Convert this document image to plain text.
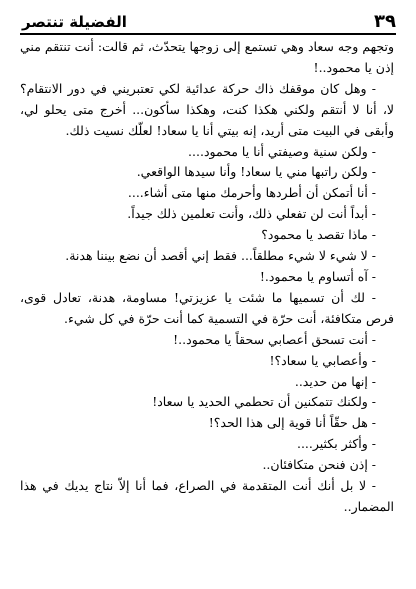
٣٩
الفضيلة تنتصر

وتجهم وجه سعاد وهي تستمع إلى زوجها يتحدّث، ثم قالت: أنت تنتقم مني إذن يا محمود..!

- وهل كان موقفك ذاك حركة عدائية لكي تعتبريني في دور الانتقام؟ لا، أنا لا أنتقم ولكني هكذا كنت، وهكذا سأكون... أخرج متى يحلو لي، وأبقى في البيت متى أريد، إنه بيتي أنا يا سعاد! لعلّك نسيت ذلك.

- ولكن سنية وصيفتي أنا يا محمود....

- ولكن راتبها مني يا سعاد! وأنا سيدها الواقعي.

- أنا أتمكن أن أطردها وأحرمك منها متى أشاء....

- أبداً أنت لن تفعلي ذلك، وأنت تعلمين ذلك جيداً.

- ماذا تقصد يا محمود؟

- لا شيء لا شيء مطلقاً... فقط إني أقصد أن نضع بيننا هدنة.

- آه أتساوم يا محمود.!

- لك أن تسميها ما شئت يا عزيزتي! مساومة، هدنة، تعادل قوى، فرص متكافئة، أنت حرّة في التسمية كما أنت حرّة في كل شيء.

- أنت تسحق أعصابي سحقاً يا محمود..!

- وأعصابي يا سعاد؟!

- إنها من حديد..

- ولكنك تتمكنين أن تحطمي الحديد يا سعاد!

- هل حقّاً أنا قوية إلى هذا الحد؟!

- وأكثر بكثير....

- إذن فنحن متكافئان..

- لا بل أنك أنت المتقدمة في الصراع، فما أنا إلاّ نتاج يديك في هذا المضمار..
